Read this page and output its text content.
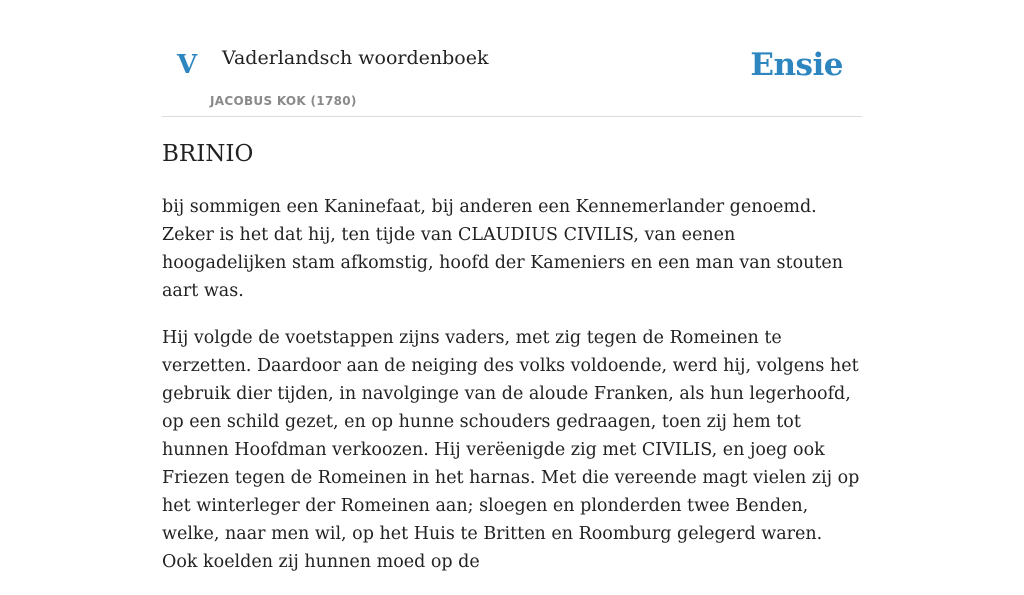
V Vaderlandsch woordenboek
JACOBUS KOK (1780)
Ensie
BRINIO

bij sommigen een Kaninefaat, bij anderen een Kennemerlander genoemd. Zeker is het dat hij, ten tijde van CLAUDIUS CIVILIS, van eenen hoogadelijken stam afkomstig, hoofd der Kameniers en een man van stouten aart was.

Hij volgde de voetstappen zijns vaders, met zig tegen de Romeinen te verzetten. Daardoor aan de neiging des volks voldoende, werd hij, volgens het gebruik dier tijden, in navolginge van de aloude Franken, als hun legerhoofd, op een schild gezet, en op hunne schouders gedraagen, toen zij hem tot hunnen Hoofdman verkoozen. Hij verëenigde zig met CIVILIS, en joeg ook Friezen tegen de Romeinen in het harnas. Met die vereende magt vielen zij op het winterleger der Romeinen aan; sloegen en plonderden twee Benden, welke, naar men wil, op het Huis te Britten en Roomburg gelegerd waren. Ook koelden zij hunnen moed op de
